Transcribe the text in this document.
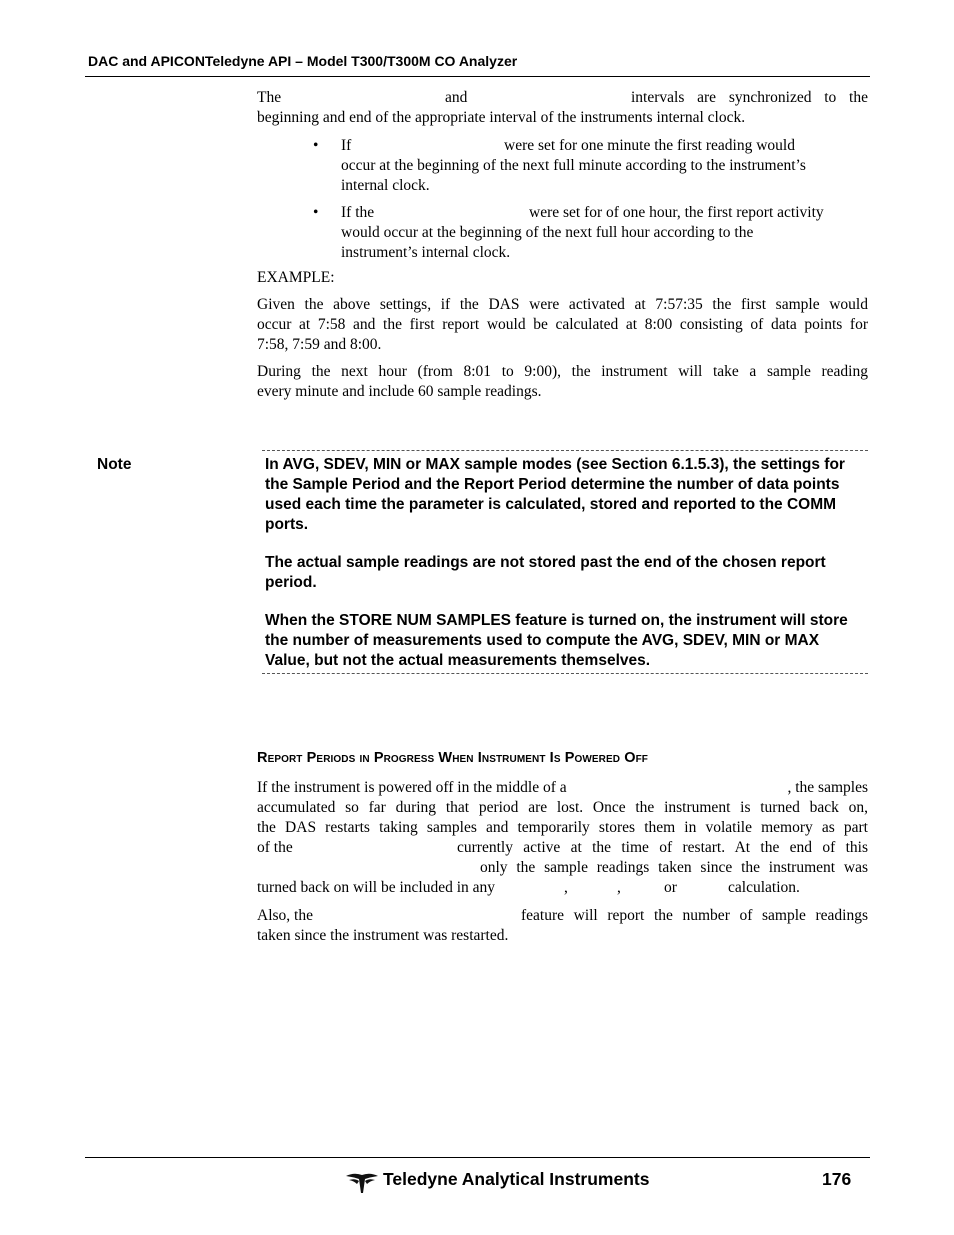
DAC and APICONTeledyne API – Model T300/T300M CO Analyzer
The	and	intervals are synchronized to the
beginning and end of the appropriate interval of the instruments internal clock.
• If	were set for one minute the first reading would
occur at the beginning of the next full minute according to the instrument’s
internal clock.
• If the	were set for of one hour, the first report activity
would occur at the beginning of the next full hour according to the
instrument’s internal clock.
EXAMPLE:
Given the above settings, if the DAS were activated at 7:57:35 the first sample would
occur at 7:58 and the first report would be calculated at 8:00 consisting of data points for
7:58, 7:59 and 8:00.
During the next hour (from 8:01 to 9:00), the instrument will take a sample reading
every minute and include 60 sample readings.
Note	In AVG, SDEV, MIN or MAX sample modes (see Section 6.1.5.3), the settings for the Sample Period and the Report Period determine the number of data points used each time the parameter is calculated, stored and reported to the COMM ports.
The actual sample readings are not stored past the end of the chosen report period.
When the STORE NUM SAMPLES feature is turned on, the instrument will store the number of measurements used to compute the AVG, SDEV, MIN or MAX Value, but not the actual measurements themselves.
Report Periods in Progress When Instrument Is Powered Off
If the instrument is powered off in the middle of a	, the samples
accumulated so far during that period are lost. Once the instrument is turned back on,
the DAS restarts taking samples and temporarily stores them in volatile memory as part
of the	currently active at the time of restart. At the end of this
only the sample readings taken since the instrument was
turned back on will be included in any	,	,	or	calculation.
Also, the	feature will report the number of sample readings
taken since the instrument was restarted.
Teledyne Analytical Instruments	176
